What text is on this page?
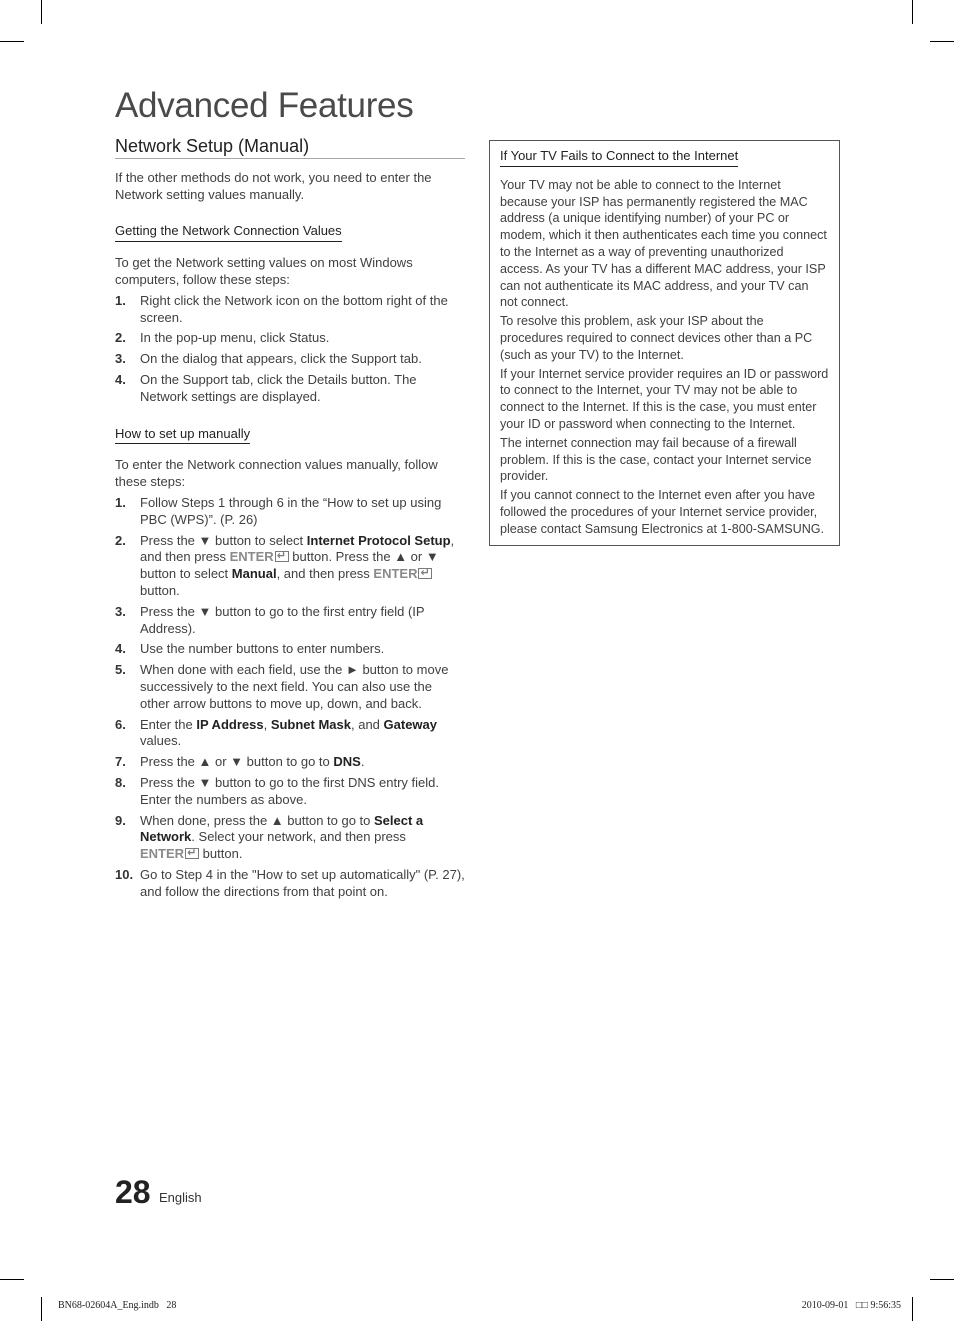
Advanced Features
Network Setup (Manual)

If the other methods do not work, you need to enter the Network setting values manually.

Getting the Network Connection Values

To get the Network setting values on most Windows computers, follow these steps:

1. Right click the Network icon on the bottom right of the screen.
2. In the pop-up menu, click Status.
3. On the dialog that appears, click the Support tab.
4. On the Support tab, click the Details button. The Network settings are displayed.
How to set up manually

To enter the Network connection values manually, follow these steps:

1. Follow Steps 1 through 6 in the “How to set up using PBC (WPS)”. (P. 26)
2. Press the ▼ button to select Internet Protocol Setup, and then press ENTER↵ button. Press the ▲ or ▼ button to select Manual, and then press ENTER↵ button.
3. Press the ▼ button to go to the first entry field (IP Address).
4. Use the number buttons to enter numbers.
5. When done with each field, use the ► button to move successively to the next field. You can also use the other arrow buttons to move up, down, and back.
6. Enter the IP Address, Subnet Mask, and Gateway values.
7. Press the ▲ or ▼ button to go to DNS.
8. Press the ▼ button to go to the first DNS entry field. Enter the numbers as above.
9. When done, press the ▲ button to go to Select a Network. Select your network, and then press ENTER↵ button.
10. Go to Step 4 in the "How to set up automatically" (P. 27), and follow the directions from that point on.
If Your TV Fails to Connect to the Internet

Your TV may not be able to connect to the Internet because your ISP has permanently registered the MAC address (a unique identifying number) of your PC or modem, which it then authenticates each time you connect to the Internet as a way of preventing unauthorized access. As your TV has a different MAC address, your ISP can not authenticate its MAC address, and your TV can not connect.

To resolve this problem, ask your ISP about the procedures required to connect devices other than a PC (such as your TV) to the Internet.

If your Internet service provider requires an ID or password to connect to the Internet, your TV may not be able to connect to the Internet. If this is the case, you must enter your ID or password when connecting to the Internet.

The internet connection may fail because of a firewall problem. If this is the case, contact your Internet service provider.

If you cannot connect to the Internet even after you have followed the procedures of your Internet service provider, please contact Samsung Electronics at 1-800-SAMSUNG.

28 English
BN68-02604A_Eng.indb   28	2010-09-01   □□ 9:56:35
